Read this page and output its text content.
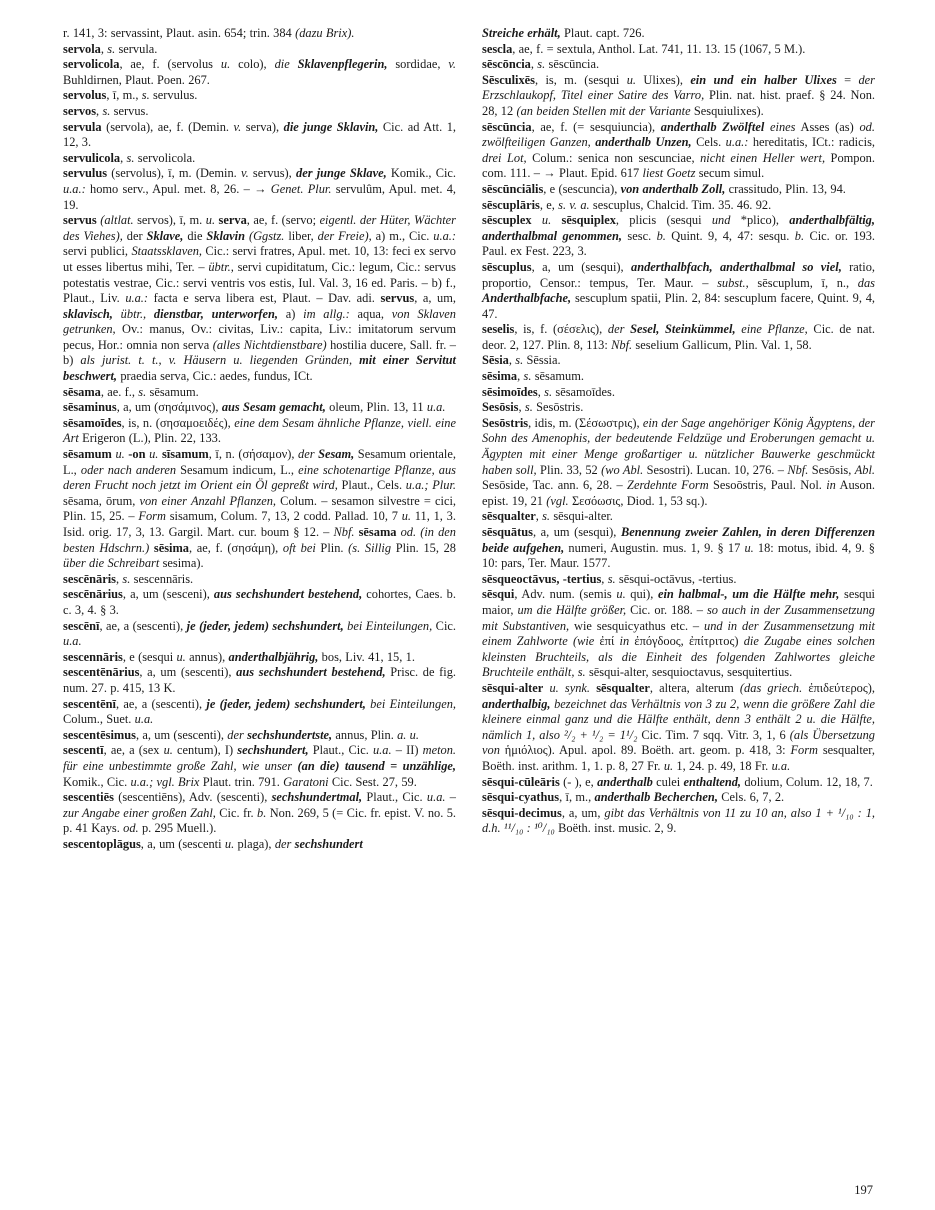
r. 141, 3: servassint, Plaut. asin. 654; trin. 384 (dazu Brix).

servola, s. servula.

servolicola, ae, f. (servolus u. colo), die Sklavenpflegerin, sordidae, v. Buhldirnen, Plaut. Poen. 267.

servolus, ī, m., s. servulus.

servos, s. servus.

servula (servola), ae, f. (Demin. v. serva), die junge Sklavin, Cic. ad Att. 1, 12, 3.

servulicola, s. servolicola.

servulus (servolus), ī, m. (Demin. v. servus), der junge Sklave, Komik., Cic. u.a.: homo serv., Apul. met. 8, 26. – → Genet. Plur. servulûm, Apul. met. 4, 19.

servus (altlat. servos), ī, m. u. serva, ae, f. (servo; eigentl. der Hüter, Wächter des Viehes), der Sklave, die Sklavin (Ggstz. liber, der Freie), a) m., Cic. u.a.: servi publici, Staatssklaven, Cic.: servi fratres, Apul. met. 10, 13: feci ex servo ut esses libertus mihi, Ter. – übtr., servi cupiditatum, Cic.: legum, Cic.: servus potestatis vestrae, Cic.: servi ventris vos estis, Iul. Val. 3, 16 ed. Paris. – b) f., Plaut., Liv. u.a.: facta e serva libera est, Plaut. – Dav. adi. servus, a, um, sklavisch, übtr., dienstbar, unterworfen, a) im allg.: aqua, von Sklaven getrunken, Ov.: manus, Ov.: civitas, Liv.: capita, Liv.: imitatorum servum pecus, Hor.: omnia non serva (alles Nichtdienstbare) hostilia ducere, Sall. fr. – b) als jurist. t. t., v. Häusern u. liegenden Gründen, mit einer Servitut beschwert, praedia serva, Cic.: aedes, fundus, ICt.

sēsama, ae. f., s. sēsamum.

sēsaminus, a, um (σησάμινος), aus Sesam gemacht, oleum, Plin. 13, 11 u.a.

sēsamoīdes, is, n. (σησαμοειδές), eine dem Sesam ähnliche Pflanze, viell. eine Art Erigeron (L.), Plin. 22, 133.

sēsamum u. -on u. sīsamum, ī, n. (σήσαμον), der Sesam, Sesamum orientale, L., oder nach anderen Sesamum indicum, L., eine schotenartige Pflanze, aus deren Frucht noch jetzt im Orient ein Öl gepreßt wird, Plaut., Cels. u.a.; Plur. sēsama, ōrum, von einer Anzahl Pflanzen, Colum. – sesamon silvestre = cici, Plin. 15, 25. – Form sisamum, Colum. 7, 13, 2 codd. Pallad. 10, 7 u. 11, 1, 3. Isid. orig. 17, 3, 13. Gargil. Mart. cur. boum § 12. – Nbf. sēsama od. (in den besten Hdschrn.) sēsima, ae, f. (σησάμη), oft bei Plin. (s. Sillig Plin. 15, 28 über die Schreibart sesima).

sescēnāris, s. sescennāris.

sescēnārius, a, um (sesceni), aus sechshundert bestehend, cohortes, Caes. b. c. 3, 4. § 3.

sescēnī, ae, a (sescenti), je (jeder, jedem) sechshundert, bei Einteilungen, Cic. u.a.

sescennāris, e (sesqui u. annus), anderthalbjährig, bos, Liv. 41, 15, 1.

sescentēnārius, a, um (sescenti), aus sechshundert bestehend, Prisc. de fig. num. 27. p. 415, 13 K.

sescentēnī, ae, a (sescenti), je (jeder, jedem) sechshundert, bei Einteilungen, Colum., Suet. u.a.

sescentēsimus, a, um (sescenti), der sechshundertste, annus, Plin. a. u.

sescentī, ae, a (sex u. centum), I) sechshundert, Plaut., Cic. u.a. – II) meton. für eine unbestimmte große Zahl, wie unser (an die) tausend = unzählige, Komik., Cic. u.a.; vgl. Brix Plaut. trin. 791. Garatoni Cic. Sest. 27, 59.

sescentiēs (sescentiēns), Adv. (sescenti), sechshundertmal, Plaut., Cic. u.a. – zur Angabe einer großen Zahl, Cic. fr. b. Non. 269, 5 (= Cic. fr. epist. V. no. 5. p. 41 Kays. od. p. 295 Muell.).

sescentoplāgus, a, um (sescenti u. plaga), der sechshundert

Streiche erhält, Plaut. capt. 726.

sescla, ae, f. = sextula, Anthol. Lat. 741, 11. 13. 15 (1067, 5 M.).

sēscōncia, s. sēscūncia.

Sēsculixēs, is, m. (sesqui u. Ulixes), ein und ein halber Ulixes = der Erzschlaukopf, Titel einer Satire des Varro, Plin. nat. hist. praef. § 24. Non. 28, 12 (an beiden Stellen mit der Variante Sesquiulixes).

sēscūncia, ae, f. (= sesquiuncia), anderthalb Zwölftel eines Asses (as) od. zwölfteiligen Ganzen, anderthalb Unzen, Cels. u.a.: hereditatis, ICt.: radicis, drei Lot, Colum.: senica non sescunciae, nicht einen Heller wert, Pompon. com. 111. – → Plaut. Epid. 617 liest Goetz secum simul.

sēscūnciālis, e (sescuncia), von anderthalb Zoll, crassitudo, Plin. 13, 94.

sēscuplāris, e, s. v. a. sescuplus, Chalcid. Tim. 35. 46. 92.

sēscuplex u. sēsquiplex, plicis (sesqui und *plico), anderthalbfältig, anderthalbmal genommen, sesc. b. Quint. 9, 4, 47: sesqu. b. Cic. or. 193. Paul. ex Fest. 223, 3.

sēscuplus, a, um (sesqui), anderthalbfach, anderthalbmal so viel, ratio, proportio, Censor.: tempus, Ter. Maur. – subst., sēscuplum, ī, n., das Anderthalbfache, sescuplum spatii, Plin. 2, 84: sescuplum facere, Quint. 9, 4, 47.

seselis, is, f. (σέσελις), der Sesel, Steinkümmel, eine Pflanze, Cic. de nat. deor. 2, 127. Plin. 8, 113: Nbf. seselium Gallicum, Plin. Val. 1, 58.

Sēsia, s. Sēssia.

sēsima, s. sēsamum.

sēsimoīdes, s. sēsamoīdes.

Sesōsis, s. Sesōstris.

Sesōstris, idis, m. (Σέσωστρις), ein der Sage angehöriger König Ägyptens, der Sohn des Amenophis, der bedeutende Feldzüge und Eroberungen gemacht u. Ägypten mit einer Menge großartiger u. nützlicher Bauwerke geschmückt haben soll, Plin. 33, 52 (wo Abl. Sesostri). Lucan. 10, 276. – Nbf. Sesōsis, Abl. Sesōside, Tac. ann. 6, 28. – Zerdehnte Form Sesoōstris, Paul. Nol. in Auson. epist. 19, 21 (vgl. Σεσόωσις, Diod. 1, 53 sq.).

sēsqualter, s. sēsqui-alter.

sēsquātus, a, um (sesqui), Benennung zweier Zahlen, in deren Differenzen beide aufgehen, numeri, Augustin. mus. 1, 9. § 17 u. 18: motus, ibid. 4, 9. § 10: pars, Ter. Maur. 1577.

sēsqueoctāvus, -tertius, s. sēsqui-octāvus, -tertius.

sēsqui, Adv. num. (semis u. qui), ein halbmal-, um die Hälfte mehr, sesqui maior, um die Hälfte größer, Cic. or. 188. – so auch in der Zusammensetzung mit Substantiven, wie sesquicyathus etc. – und in der Zusammensetzung mit einem Zahlworte (wie ἐπί in ἐπόγδοος, ἐπίτριτος) die Zugabe eines solchen kleinsten Bruchteils, als die Einheit des folgenden Zahlwortes gleiche Bruchteile enthält, s. sēsqui-alter, sesquioctavus, sesquitertius.

sēsqui-alter u. synk. sēsqualter, altera, alterum (das griech. ἐπιδεύτερος), anderthalbig, bezeichnet das Verhältnis von 3 zu 2, wenn die größere Zahl die kleinere einmal ganz und die Hälfte enthält, denn 3 enthält 2 u. die Hälfte, nämlich 1, also ²/₂ + ¹/₂ = 1¹/₂ Cic. Tim. 7 sqq. Vitr. 3, 1, 6 (als Übersetzung von ἡμιόλιος). Apul. apol. 89. Boëth. art. geom. p. 418, 3: Form sesqualter, Boëth. inst. arithm. 1, 1. p. 8, 27 Fr. u. 1, 24. p. 49, 18 Fr. u.a.

sēsqui-cūleāris (- ), e, anderthalb culei enthaltend, dolium, Colum. 12, 18, 7.

sēsqui-cyathus, ī, m., anderthalb Becherchen, Cels. 6, 7, 2.

sēsqui-decimus, a, um, gibt das Verhältnis von 11 zu 10 an, also 1 + ¹/₁₀ : 1, d.h. ¹¹/₁₀ : ¹⁰/₁₀ Boëth. inst. music. 2, 9.

197
